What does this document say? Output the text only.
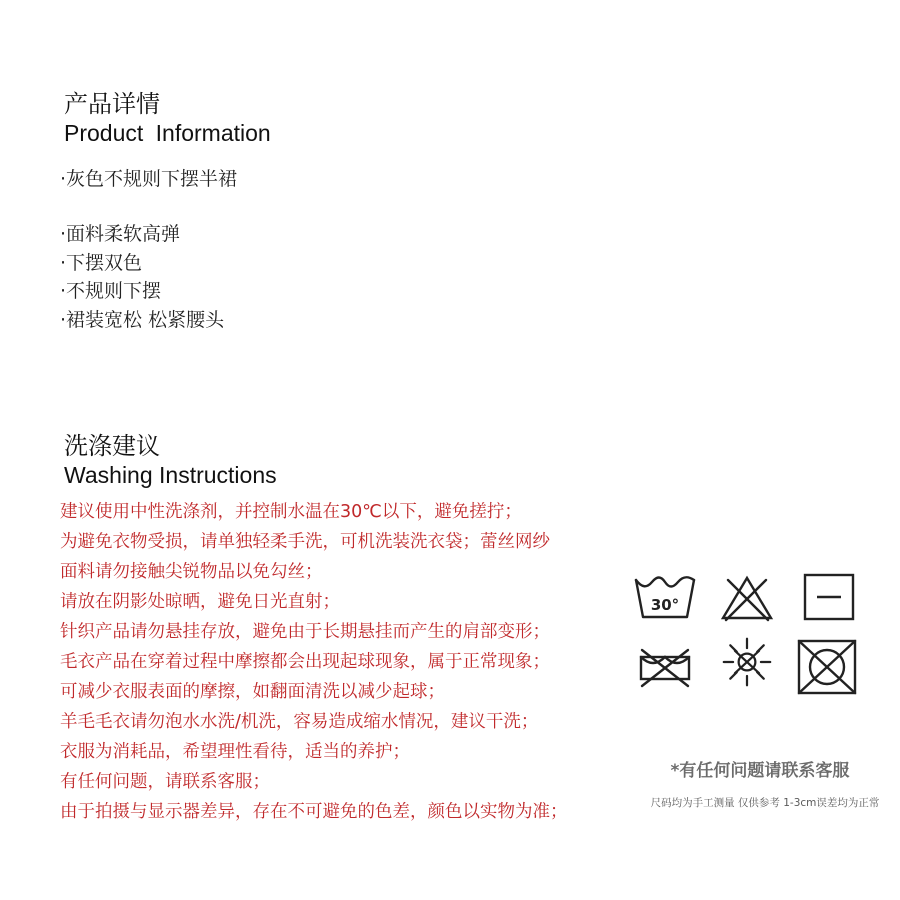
产品详情
Product Information
·灰色不规则下摆半裙
·面料柔软高弹
·下摆双色
·不规则下摆
·裙装宽松 松紧腰头
洗涤建议
Washing Instructions
建议使用中性洗涤剂，并控制水温在30℃以下，避免搓拧；
为避免衣物受损，请单独轻柔手洗，可机洗装洗衣袋；蕾丝网纱
面料请勿接触尖锐物品以免勾丝；
请放在阴影处晾晒，避免日光直射；
针织产品请勿悬挂存放，避免由于长期悬挂而产生的肩部变形；
毛衣产品在穿着过程中摩擦都会出现起球现象，属于正常现象；
可减少衣服表面的摩擦，如翻面清洗以减少起球；
羊毛毛衣请勿泡水水洗/机洗，容易造成缩水情况，建议干洗；
衣服为消耗品，希望理性看待，适当的养护；
有任何问题，请联系客服；
由于拍摄与显示器差异，存在不可避免的色差，颜色以实物为准；
30°
*有任何问题请联系客服
尺码均为手工测量 仅供参考 1-3cm误差均为正常
